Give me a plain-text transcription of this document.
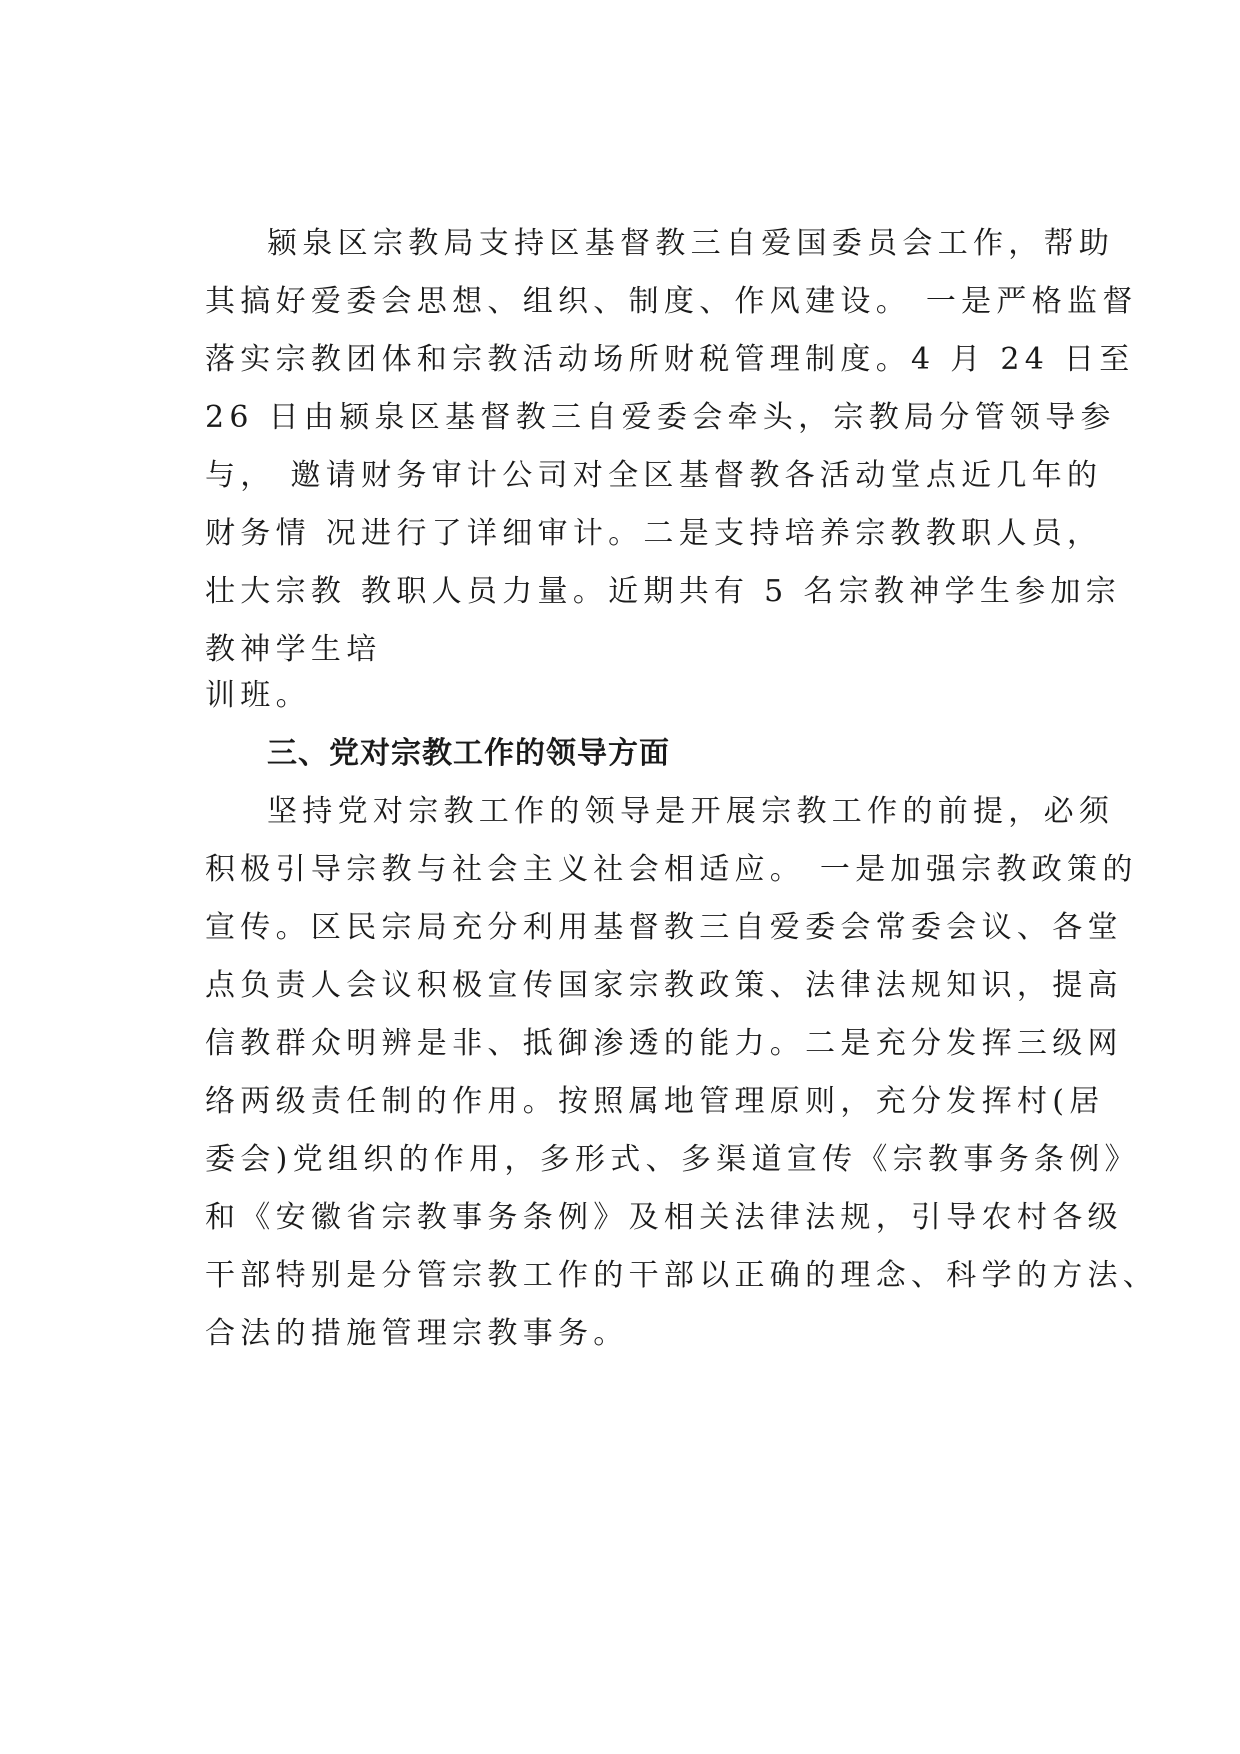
颍泉区宗教局支持区基督教三自爱国委员会工作，帮助
其搞好爱委会思想、组织、制度、作风建设。 一是严格监督
落实宗教团体和宗教活动场所财税管理制度。4 月 24 日至
26 日由颍泉区基督教三自爱委会牵头，宗教局分管领导参
与， 邀请财务审计公司对全区基督教各活动堂点近几年的
财务情 况进行了详细审计。二是支持培养宗教教职人员，
壮大宗教 教职人员力量。近期共有 5 名宗教神学生参加宗
教神学生培
训班。
三、党对宗教工作的领导方面
坚持党对宗教工作的领导是开展宗教工作的前提，必须
积极引导宗教与社会主义社会相适应。 一是加强宗教政策的
宣传。区民宗局充分利用基督教三自爱委会常委会议、各堂
点负责人会议积极宣传国家宗教政策、法律法规知识，提高
信教群众明辨是非、抵御渗透的能力。二是充分发挥三级网
络两级责任制的作用。按照属地管理原则，充分发挥村(居
委会)党组织的作用，多形式、多渠道宣传《宗教事务条例》
和《安徽省宗教事务条例》及相关法律法规，引导农村各级
干部特别是分管宗教工作的干部以正确的理念、科学的方法、
合法的措施管理宗教事务。
